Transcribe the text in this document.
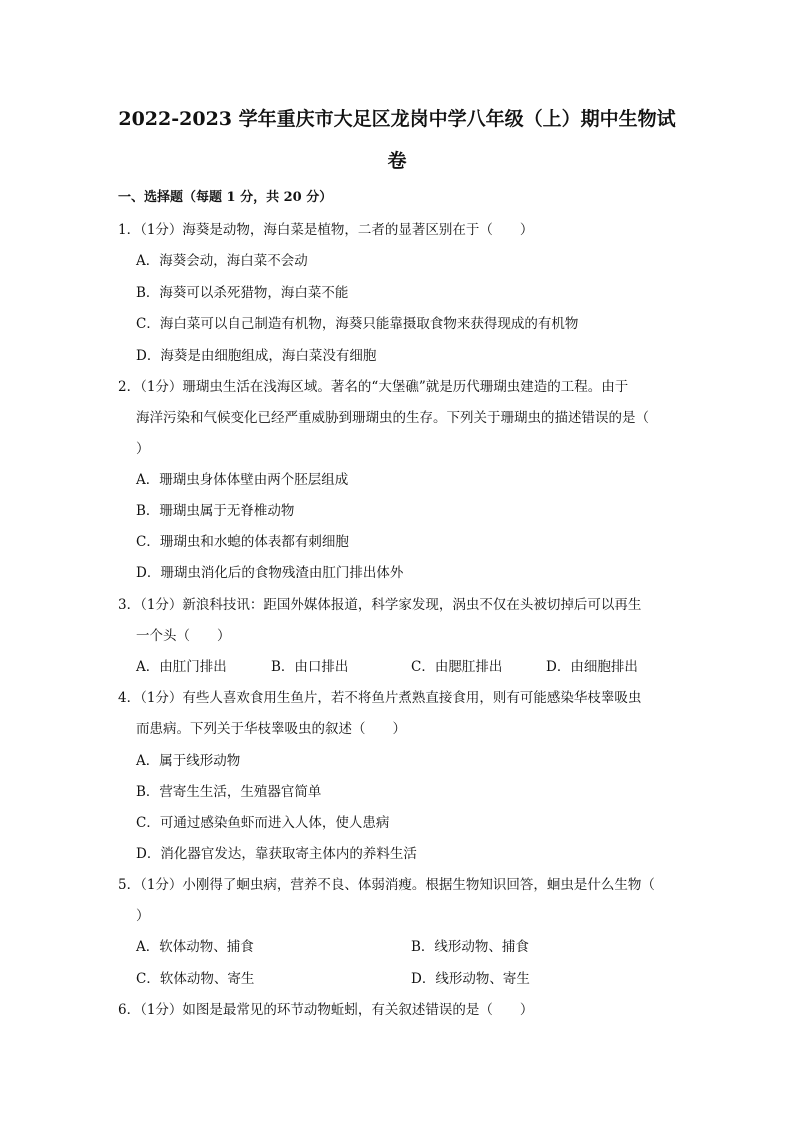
2022-2023 学年重庆市大足区龙岗中学八年级（上）期中生物试
卷
一、选择题（每题 1 分，共 20 分）
1．（1分）海葵是动物，海白菜是植物，二者的显著区别在于（　　）
A．海葵会动，海白菜不会动
B．海葵可以杀死猎物，海白菜不能
C．海白菜可以自己制造有机物，海葵只能靠摄取食物来获得现成的有机物
D．海葵是由细胞组成，海白菜没有细胞
2．（1分）珊瑚虫生活在浅海区域。著名的“大堡礁”就是历代珊瑚虫建造的工程。由于
海洋污染和气候变化已经严重威胁到珊瑚虫的生存。下列关于珊瑚虫的描述错误的是（
）
A．珊瑚虫身体体壁由两个胚层组成
B．珊瑚虫属于无脊椎动物
C．珊瑚虫和水螅的体表都有刺细胞
D．珊瑚虫消化后的食物残渣由肛门排出体外
3．（1分）新浪科技讯：距国外媒体报道，科学家发现，涡虫不仅在头被切掉后可以再生
一个头（　　）
A．由肛门排出	B．由口排出	C．由腮肛排出	D．由细胞排出
4．（1分）有些人喜欢食用生鱼片，若不将鱼片煮熟直接食用，则有可能感染华枝睾吸虫
而患病。下列关于华枝睾吸虫的叙述（　　）
A．属于线形动物
B．营寄生生活，生殖器官简单
C．可通过感染鱼虾而进入人体，使人患病
D．消化器官发达，靠获取寄主体内的养料生活
5．（1分）小刚得了蛔虫病，营养不良、体弱消瘦。根据生物知识回答，蛔虫是什么生物（
）
A．软体动物、捕食	B．线形动物、捕食
C．软体动物、寄生	D．线形动物、寄生
6．（1分）如图是最常见的环节动物蚯蚓，有关叙述错误的是（　　）
